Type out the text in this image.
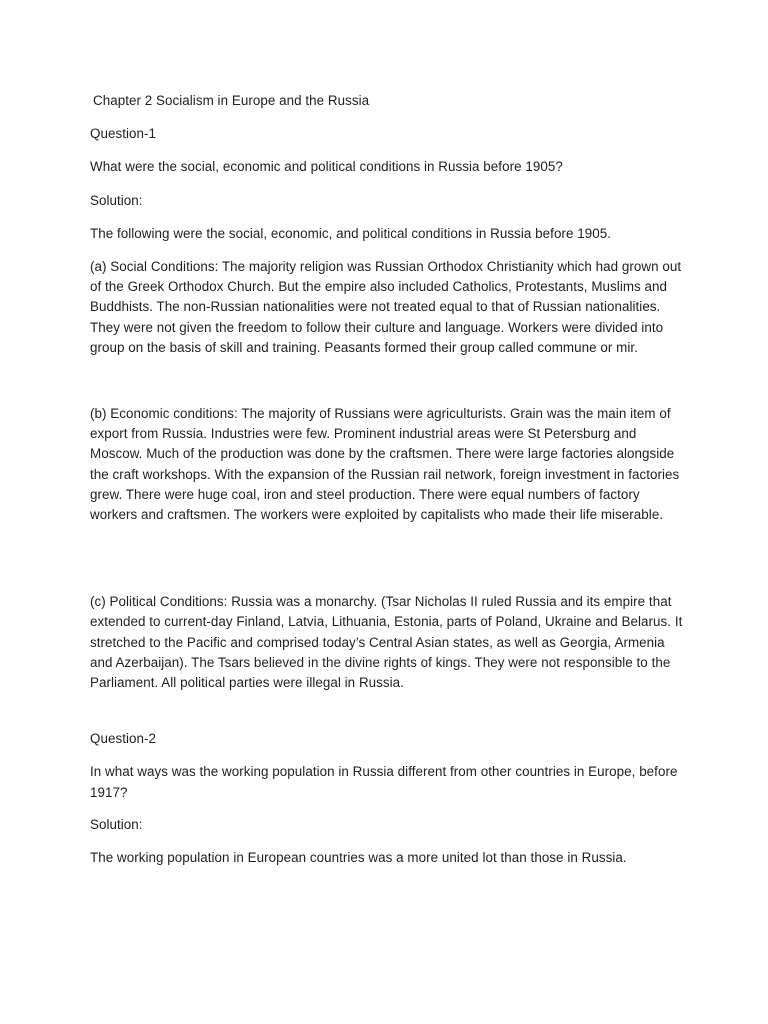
Chapter 2 Socialism in Europe and the Russia

Question-1

What were the social, economic and political conditions in Russia before 1905?

Solution:

The following were the social, economic, and political conditions in Russia before 1905.

(a) Social Conditions: The majority religion was Russian Orthodox Christianity which had grown out of the Greek Orthodox Church. But the empire also included Catholics, Protestants, Muslims and Buddhists. The non-Russian nationalities were not treated equal to that of Russian nationalities. They were not given the freedom to follow their culture and language. Workers were divided into group on the basis of skill and training. Peasants formed their group called commune or mir.

(b) Economic conditions: The majority of Russians were agriculturists. Grain was the main item of export from Russia. Industries were few. Prominent industrial areas were St Petersburg and Moscow. Much of the production was done by the craftsmen. There were large factories alongside the craft workshops. With the expansion of the Russian rail network, foreign investment in factories grew. There were huge coal, iron and steel production. There were equal numbers of factory workers and craftsmen. The workers were exploited by capitalists who made their life miserable.

(c) Political Conditions: Russia was a monarchy. (Tsar Nicholas II ruled Russia and its empire that extended to current-day Finland, Latvia, Lithuania, Estonia, parts of Poland, Ukraine and Belarus. It stretched to the Pacific and comprised today’s Central Asian states, as well as Georgia, Armenia and Azerbaijan). The Tsars believed in the divine rights of kings. They were not responsible to the Parliament. All political parties were illegal in Russia.

Question-2

In what ways was the working population in Russia different from other countries in Europe, before 1917?

Solution:

The working population in European countries was a more united lot than those in Russia.
